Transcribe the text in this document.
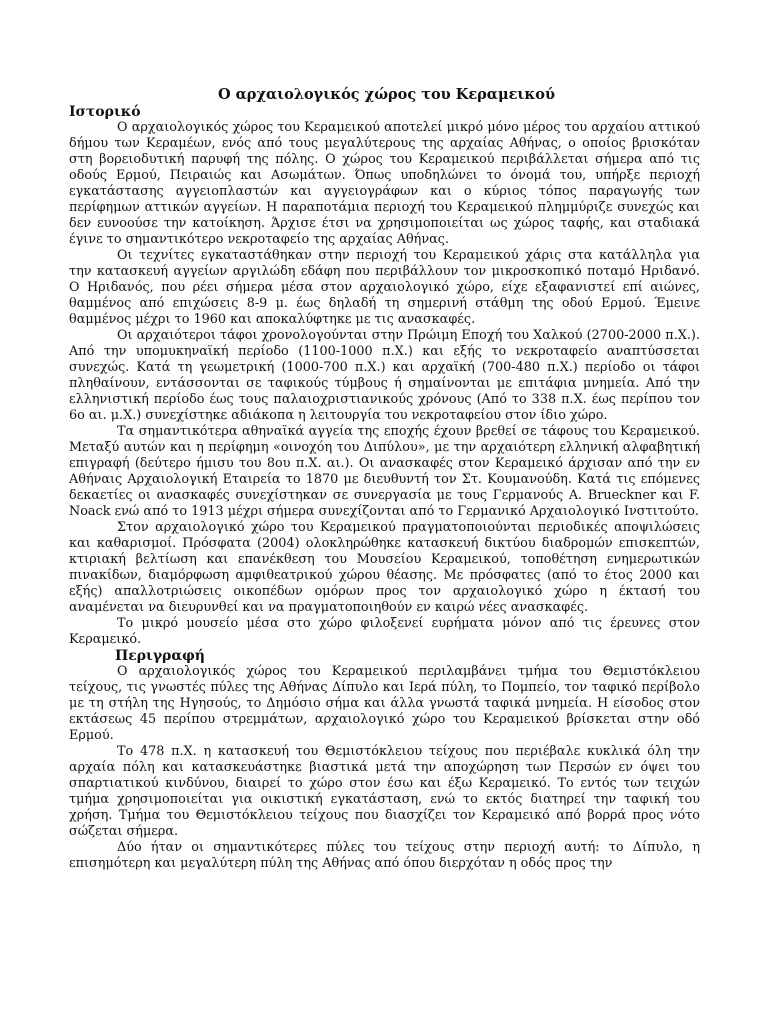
Ο αρχαιολογικός χώρος του Κεραμεικού
Ιστορικό

Ο αρχαιολογικός χώρος του Κεραμεικού αποτελεί μικρό μόνο μέρος του αρχαίου αττικού δήμου των Κεραμέων, ενός από τους μεγαλύτερους της αρχαίας Αθήνας, ο οποίος βρισκόταν στη βορειοδυτική παρυφή της πόλης. Ο χώρος του Κεραμεικού περιβάλλεται σήμερα από τις οδούς Ερμού, Πειραιώς και Ασωμάτων. Όπως υποδηλώνει το όνομά του, υπήρξε περιοχή εγκατάστασης αγγειοπλαστών και αγγειογράφων και ο κύριος τόπος παραγωγής των περίφημων αττικών αγγείων. Η παραποτάμια περιοχή του Κεραμεικού πλημμύριζε συνεχώς και δεν ευνοούσε την κατοίκηση. Άρχισε έτσι να χρησιμοποιείται ως χώρος ταφής, και σταδιακά έγινε το σημαντικότερο νεκροταφείο της αρχαίας Αθήνας.

Οι τεχνίτες εγκαταστάθηκαν στην περιοχή του Κεραμεικού χάρις στα κατάλληλα για την κατασκευή αγγείων αργιλώδη εδάφη που περιβάλλουν τον μικροσκοπικό ποταμό Ηριδανό. Ο Ηριδανός, που ρέει σήμερα μέσα στον αρχαιολογικό χώρο, είχε εξαφανιστεί επί αιώνες, θαμμένος από επιχώσεις 8-9 μ. έως δηλαδή τη σημερινή στάθμη της οδού Ερμού. Έμεινε θαμμένος μέχρι το 1960 και αποκαλύφτηκε με τις ανασκαφές.

Οι αρχαιότεροι τάφοι χρονολογούνται στην Πρώιμη Εποχή του Χαλκού (2700-2000 π.Χ.). Από την υπομυκηναϊκή περίοδο (1100-1000 π.Χ.) και εξής το νεκροταφείο αναπτύσσεται συνεχώς. Κατά τη γεωμετρική (1000-700 π.Χ.) και αρχαϊκή (700-480 π.Χ.) περίοδο οι τάφοι πληθαίνουν, εντάσσονται σε ταφικούς τύμβους ή σημαίνονται με επιτάφια μνημεία. Από την ελληνιστική περίοδο έως τους παλαιοχριστιανικούς χρόνους (Από το 338 π.Χ. έως περίπου τον 6ο αι. μ.Χ.) συνεχίστηκε αδιάκοπα η λειτουργία του νεκροταφείου στον ίδιο χώρο.

Τα σημαντικότερα αθηναϊκά αγγεία της εποχής έχουν βρεθεί σε τάφους του Κεραμεικού. Μεταξύ αυτών και η περίφημη «οινοχόη του Διπύλου», με την αρχαιότερη ελληνική αλφαβητική επιγραφή (δεύτερο ήμισυ του 8ου π.Χ. αι.). Οι ανασκαφές στον Κεραμεικό άρχισαν από την εν Αθήναις Αρχαιολογική Εταιρεία το 1870 με διευθυντή τον Στ. Κουμανούδη. Κατά τις επόμενες δεκαετίες οι ανασκαφές συνεχίστηκαν σε συνεργασία με τους Γερμανούς A. Brueckner και F. Noack ενώ από το 1913 μέχρι σήμερα συνεχίζονται από το Γερμανικό Αρχαιολογικό Ινστιτούτο.

Στον αρχαιολογικό χώρο του Κεραμεικού πραγματοποιούνται περιοδικές αποψιλώσεις και καθαρισμοί. Πρόσφατα (2004) ολοκληρώθηκε κατασκευή δικτύου διαδρομών επισκεπτών, κτιριακή βελτίωση και επανέκθεση του Μουσείου Κεραμεικού, τοποθέτηση ενημερωτικών πινακίδων, διαμόρφωση αμφιθεατρικού χώρου θέασης. Με πρόσφατες (από το έτος 2000 και εξής) απαλλοτριώσεις οικοπέδων ομόρων προς τον αρχαιολογικό χώρο η έκτασή του αναμένεται να διευρυνθεί και να πραγματοποιηθούν εν καιρώ νέες ανασκαφές.

Το μικρό μουσείο μέσα στο χώρο φιλοξενεί ευρήματα μόνον από τις έρευνες στον Κεραμεικό.

Περιγραφή

Ο αρχαιολογικός χώρος του Κεραμεικού περιλαμβάνει τμήμα του Θεμιστόκλειου τείχους, τις γνωστές πύλες της Αθήνας Δίπυλο και Ιερά πύλη, το Πομπείο, τον ταφικό περίβολο με τη στήλη της Ηγησούς, το Δημόσιο σήμα και άλλα γνωστά ταφικά μνημεία. Η είσοδος στον εκτάσεως 45 περίπου στρεμμάτων, αρχαιολογικό χώρο του Κεραμεικού βρίσκεται στην οδό Ερμού.

Το 478 π.Χ. η κατασκευή του Θεμιστόκλειου τείχους που περιέβαλε κυκλικά όλη την αρχαία πόλη και κατασκευάστηκε βιαστικά μετά την αποχώρηση των Περσών εν όψει του σπαρτιατικού κινδύνου, διαιρεί το χώρο στον έσω και έξω Κεραμεικό. Το εντός των τειχών τμήμα χρησιμοποιείται για οικιστική εγκατάσταση, ενώ το εκτός διατηρεί την ταφική του χρήση. Τμήμα του Θεμιστόκλειου τείχους που διασχίζει τον Κεραμεικό από βορρά προς νότο σώζεται σήμερα.

Δύο ήταν οι σημαντικότερες πύλες του τείχους στην περιοχή αυτή: το Δίπυλο, η επισημότερη και μεγαλύτερη πύλη της Αθήνας από όπου διερχόταν η οδός προς την
